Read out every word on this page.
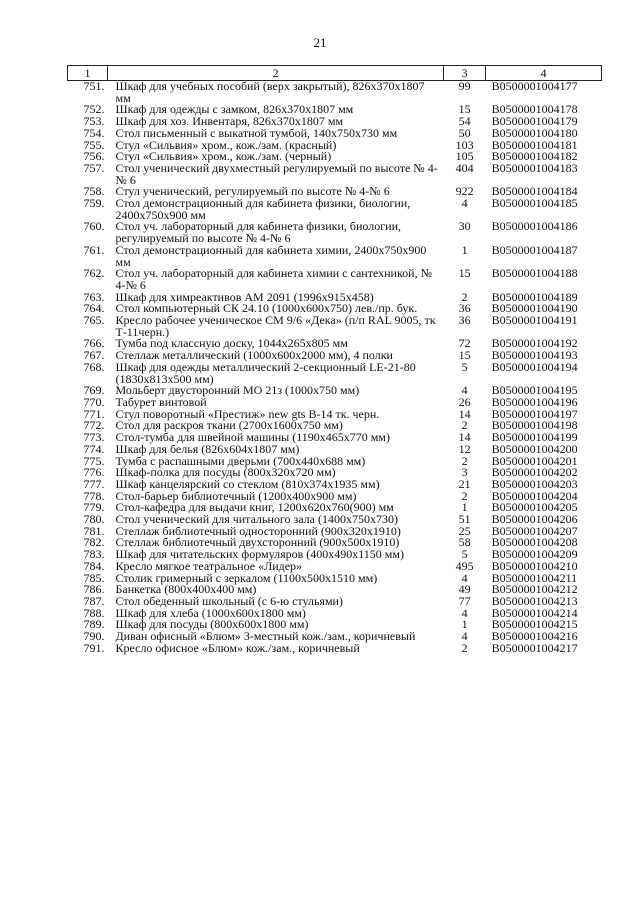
21
1	2	3	4
751.	Шкаф для учебных пособий (верх закрытый), 826x370x1807 мм	99	B0500001004177
752.	Шкаф для одежды с замком, 826x370x1807 мм	15	B0500001004178
753.	Шкаф для хоз. Инвентаря, 826x370x1807 мм	54	B0500001004179
754.	Стол письменный с выкатной тумбой, 140x750x730 мм	50	B0500001004180
755.	Стул «Сильвия» хром., кож./зам. (красный)	103	B0500001004181
756.	Стул «Сильвия» хром., кож./зам. (черный)	105	B0500001004182
757.	Стол ученический двухместный регулируемый по высоте № 4-№ 6	404	B0500001004183
758.	Стул ученический, регулируемый по высоте № 4-№ 6	922	B0500001004184
759.	Стол демонстрационный для кабинета физики, биологии, 2400x750x900 мм	4	B0500001004185
760.	Стол уч. лабораторный для кабинета физики, биологии, регулируемый по высоте № 4-№ 6	30	B0500001004186
761.	Стол демонстрационный для кабинета химии, 2400x750x900 мм	1	B0500001004187
762.	Стол уч. лабораторный для кабинета химии с сантехникой, № 4-№ 6	15	B0500001004188
763.	Шкаф для химреактивов АМ 2091 (1996x915x458)	2	B0500001004189
764.	Стол компьютерный СК 24.10 (1000x600x750) лев./пр. бук.	36	B0500001004190
765.	Кресло рабочее ученическое СМ 9/6 «Дека» (п/п RAL 9005, тк Т-11черн.)	36	B0500001004191
766.	Тумба под классную доску, 1044x265x805 мм	72	B0500001004192
767.	Стеллаж металлический (1000x600x2000 мм), 4 полки	15	B0500001004193
768.	Шкаф для одежды металлический 2-секционный LE-21-80 (1830x813x500 мм)	5	B0500001004194
769.	Мольберт двусторонний МО 21з (1000x750 мм)	4	B0500001004195
770.	Табурет винтовой	26	B0500001004196
771.	Стул поворотный «Престиж» new gts В-14 тк. черн.	14	B0500001004197
772.	Стол для раскроя ткани (2700x1600x750 мм)	2	B0500001004198
773.	Стол-тумба для швейной машины (1190x465x770 мм)	14	B0500001004199
774.	Шкаф для белья (826x604x1807 мм)	12	B0500001004200
775.	Тумба с распашными дверьми (700x440x688 мм)	2	B0500001004201
776.	Шкаф-полка для посуды (800x320x720 мм)	3	B0500001004202
777.	Шкаф канцелярский со стеклом (810x374x1935 мм)	21	B0500001004203
778.	Стол-барьер библиотечный (1200x400x900 мм)	2	B0500001004204
779.	Стол-кафедра для выдачи книг, 1200x620x760(900) мм	1	B0500001004205
780.	Стол ученический для читального зала (1400x750x730)	51	B0500001004206
781.	Стеллаж библиотечный односторонний (900x320x1910)	25	B0500001004207
782.	Стеллаж библиотечный двухсторонний (900x500x1910)	58	B0500001004208
783.	Шкаф для читательских формуляров (400x490x1150 мм)	5	B0500001004209
784.	Кресло мягкое театральное «Лидер»	495	B0500001004210
785.	Столик гримерный с зеркалом (1100x500x1510 мм)	4	B0500001004211
786.	Банкетка (800x400x400 мм)	49	B0500001004212
787.	Стол обеденный школьный (с 6-ю стульями)	77	B0500001004213
788.	Шкаф для хлеба (1000x600x1800 мм)	4	B0500001004214
789.	Шкаф для посуды (800x600x1800 мм)	1	B0500001004215
790.	Диван офисный «Блюм» 3-местный кож./зам., коричневый	4	B0500001004216
791.	Кресло офисное «Блюм» кож./зам., коричневый	2	B0500001004217
